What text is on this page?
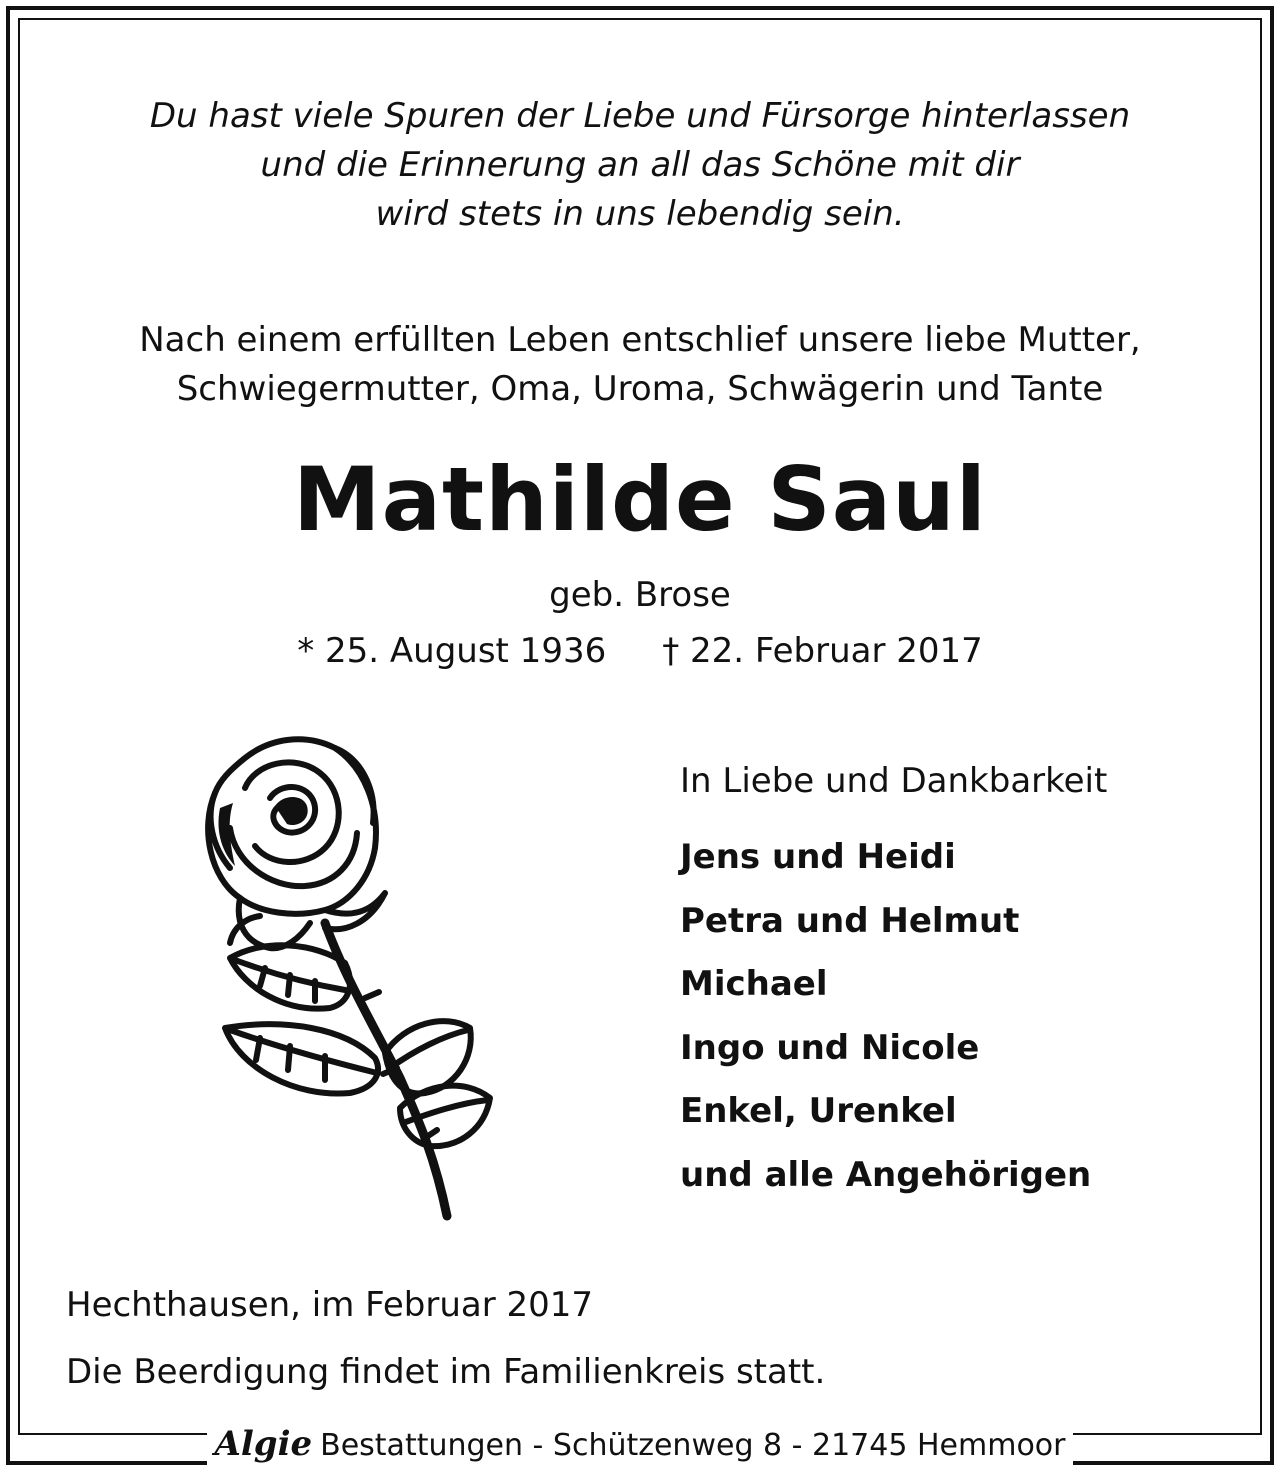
Du hast viele Spuren der Liebe und Fürsorge hinterlassen
und die Erinnerung an all das Schöne mit dir
wird stets in uns lebendig sein.
Nach einem erfüllten Leben entschlief unsere liebe Mutter,
Schwiegermutter, Oma, Uroma, Schwägerin und Tante
Mathilde Saul
geb. Brose
* 25. August 1936 † 22. Februar 2017
In Liebe und Dankbarkeit
Jens und Heidi
Petra und Helmut
Michael
Ingo und Nicole
Enkel, Urenkel
und alle Angehörigen
Hechthausen, im Februar 2017
Die Beerdigung findet im Familienkreis statt.
Algie Bestattungen - Schützenweg 8 - 21745 Hemmoor
